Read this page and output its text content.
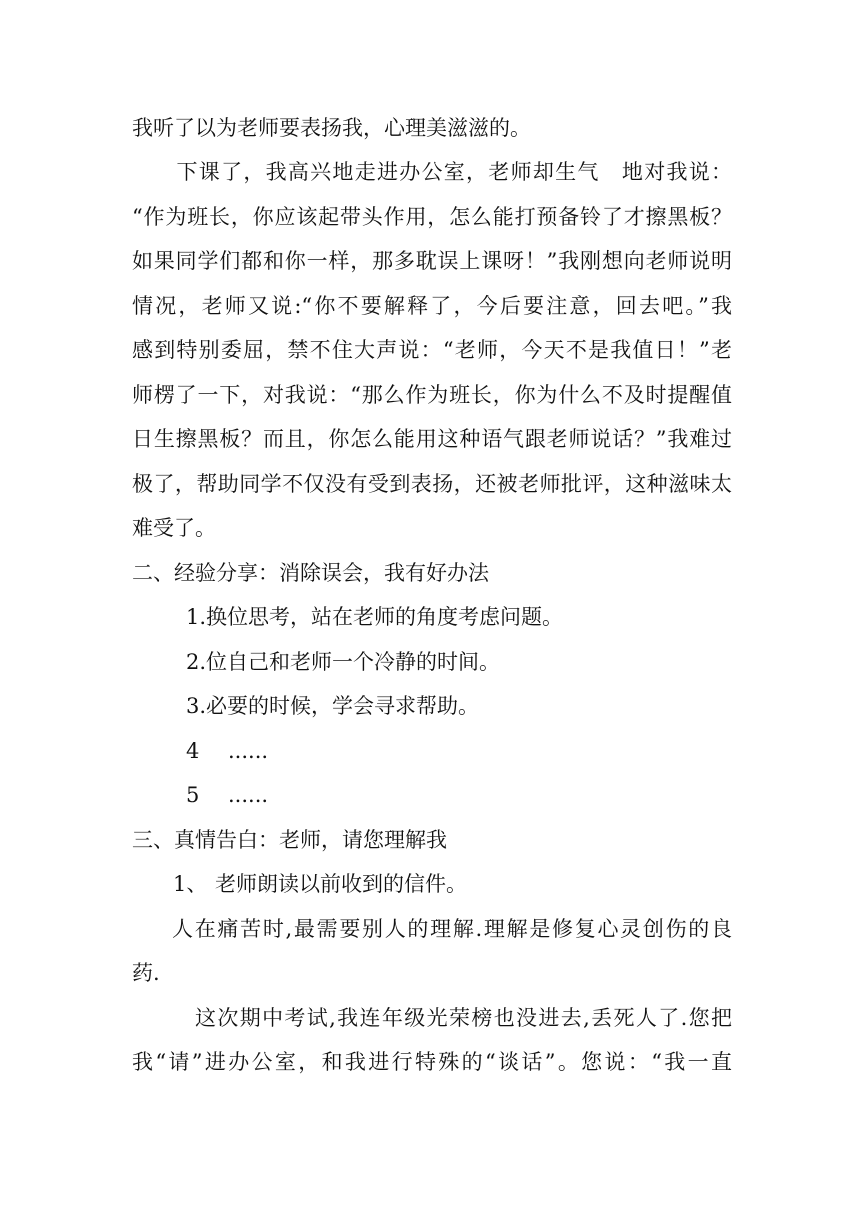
我听了以为老师要表扬我，心理美滋滋的。
　　下课了，我高兴地走进办公室，老师却生气　地对我说：
“作为班长，你应该起带头作用，怎么能打预备铃了才擦黑板？
如果同学们都和你一样，那多耽误上课呀！”我刚想向老师说明
情况，老师又说:“你不要解释了，今后要注意，回去吧。”我
感到特别委屈，禁不住大声说：“老师，今天不是我值日！”老
师楞了一下，对我说：“那么作为班长，你为什么不及时提醒值
日生擦黑板？而且，你怎么能用这种语气跟老师说话？”我难过
极了，帮助同学不仅没有受到表扬，还被老师批评，这种滋味太
难受了。
二、经验分享：消除误会，我有好办法
1.换位思考，站在老师的角度考虑问题。
2.位自己和老师一个冷静的时间。
3.必要的时候，学会寻求帮助。
4 ......
5 ......
三、真情告白：老师，请您理解我
1、 老师朗读以前收到的信件。
人在痛苦时,最需要别人的理解.理解是修复心灵创伤的良
药.
这次期中考试,我连年级光荣榜也没进去,丢死人了.您把
我“请”进办公室，和我进行特殊的“谈话”。您说：“我一直
